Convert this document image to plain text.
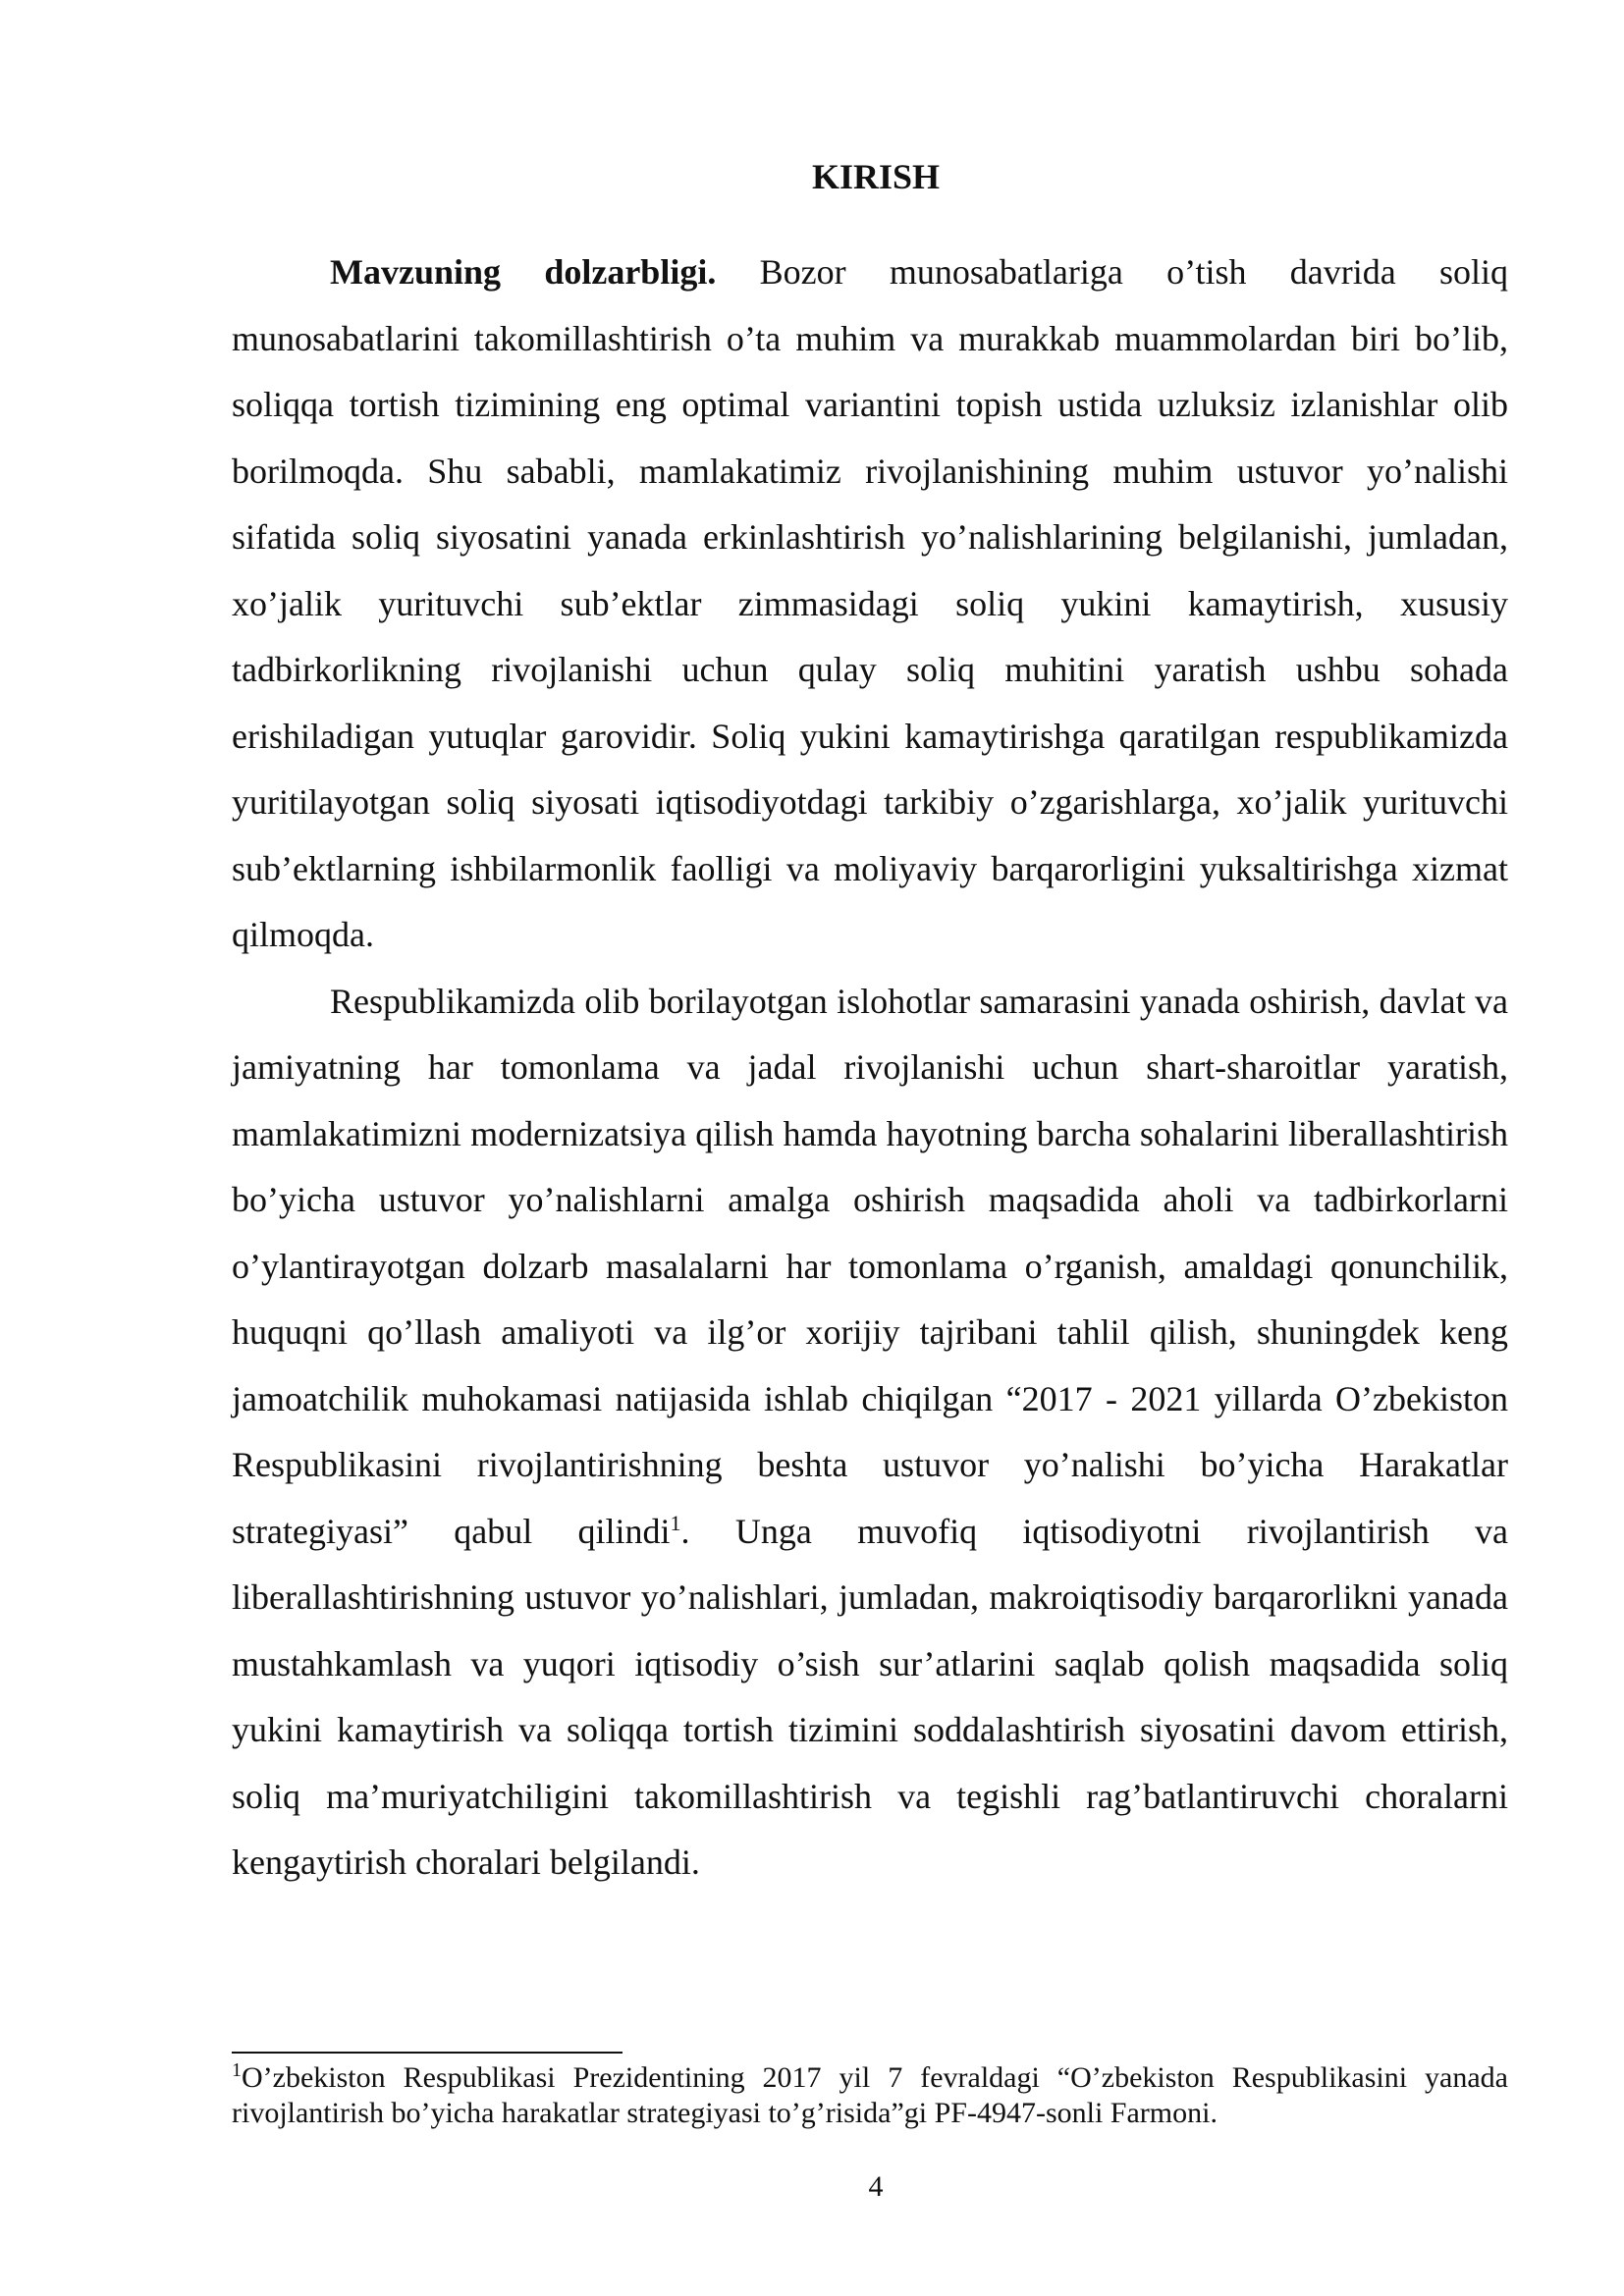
KIRISH

Mavzuning dolzarbligi. Bozor munosabatlariga o’tish davrida soliq munosabatlarini takomillashtirish o’ta muhim va murakkab muammolardan biri bo’lib, soliqqa tortish tizimining eng optimal variantini topish ustida uzluksiz izlanishlar olib borilmoqda. Shu sababli, mamlakatimiz rivojlanishining muhim ustuvor yo’nalishi sifatida soliq siyosatini yanada erkinlashtirish yo’nalishlarining belgilanishi, jumladan, xo’jalik yurituvchi sub’ektlar zimmasidagi soliq yukini kamaytirish, xususiy tadbirkorlikning rivojlanishi uchun qulay soliq muhitini yaratish ushbu sohada erishiladigan yutuqlar garovidir. Soliq yukini kamaytirishga qaratilgan respublikamizda yuritilayotgan soliq siyosati iqtisodiyotdagi tarkibiy o’zgarishlarga, xo’jalik yurituvchi sub’ektlarning ishbilarmonlik faolligi va moliyaviy barqarorligini yuksaltirishga xizmat qilmoqda.

Respublikamizda olib borilayotgan islohotlar samarasini yanada oshirish, davlat va jamiyatning har tomonlama va jadal rivojlanishi uchun shart-sharoitlar yaratish, mamlakatimizni modernizatsiya qilish hamda hayotning barcha sohalarini liberallashtirish bo’yicha ustuvor yo’nalishlarni amalga oshirish maqsadida aholi va tadbirkorlarni o’ylantirayotgan dolzarb masalalarni har tomonlama o’rganish, amaldagi qonunchilik, huquqni qo’llash amaliyoti va ilg’or xorijiy tajribani tahlil qilish, shuningdek keng jamoatchilik muhokamasi natijasida ishlab chiqilgan “2017 - 2021 yillarda O’zbekiston Respublikasini rivojlantirishning beshta ustuvor yo’nalishi bo’yicha Harakatlar strategiyasi” qabul qilindi$^1$. Unga muvofiq iqtisodiyotni rivojlantirish va liberallashtirishning ustuvor yo’nalishlari, jumladan, makroiqtisodiy barqarorlikni yanada mustahkamlash va yuqori iqtisodiy o’sish sur’atlarini saqlab qolish maqsadida soliq yukini kamaytirish va soliqqa tortish tizimini soddalashtirish siyosatini davom ettirish, soliq ma’muriyatchiligini takomillashtirish va tegishli rag’batlantiruvchi choralarni kengaytirish choralari belgilandi.

$^1$O’zbekiston Respublikasi Prezidentining 2017 yil 7 fevraldagi “O’zbekiston Respublikasini yanada rivojlantirish bo’yicha harakatlar strategiyasi to’g’risida”gi PF-4947-sonli Farmoni.

4
